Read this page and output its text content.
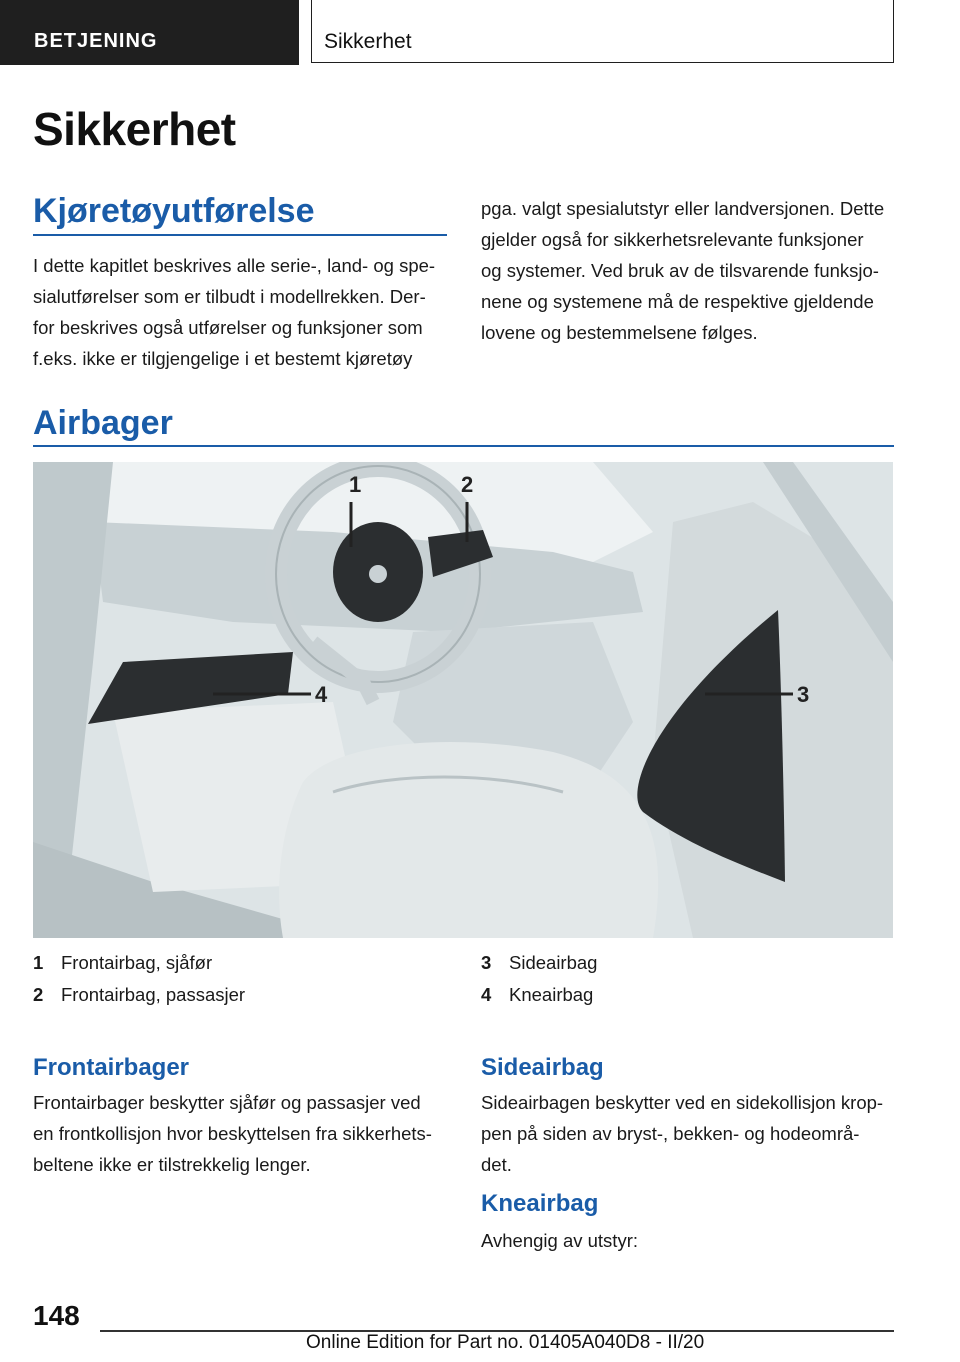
BETJENING	Sikkerhet
Sikkerhet
Kjøretøyutførelse

I dette kapitlet beskrives alle serie-, land- og spe-

sialutførelser som er tilbudt i modellrekken. Der-

for beskrives også utførelser og funksjoner som

f.eks. ikke er tilgjengelige i et bestemt kjøretøy

pga. valgt spesialutstyr eller landversjonen. Dette

gjelder også for sikkerhetsrelevante funksjoner

og systemer. Ved bruk av de tilsvarende funksjo-

nene og systemene må de respektive gjeldende

lovene og bestemmelsene følges.

Airbager
1	2
3
4
1 Frontairbag, sjåfør
2 Frontairbag, passasjer
3 Sideairbag
4 Kneairbag
Frontairbager

Frontairbager beskytter sjåfør og passasjer ved

en frontkollisjon hvor beskyttelsen fra sikkerhets-

beltene ikke er tilstrekkelig lenger.

Sideairbag

Sideairbagen beskytter ved en sidekollisjon krop-

pen på siden av bryst-, bekken- og hodeområ-

det.

Kneairbag

Avhengig av utstyr:

148
Online Edition for Part no. 01405A040D8 - II/20
